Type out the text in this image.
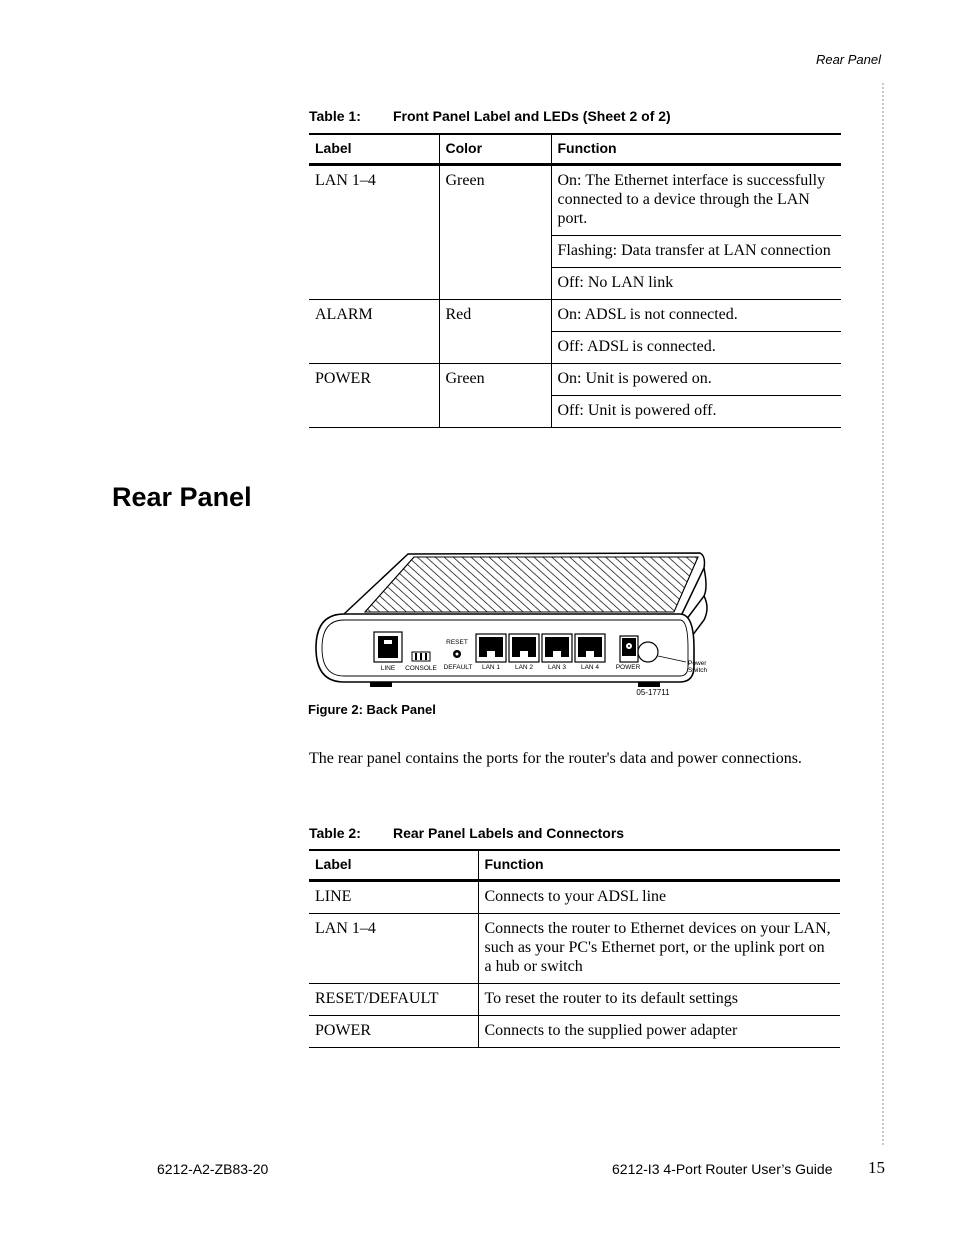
Rear Panel
Table 1: Front Panel Label and LEDs (Sheet 2 of 2)
Label	Color	Function
LAN 1–4	Green	On: The Ethernet interface is successfully connected to a device through the LAN port.
		Flashing: Data transfer at LAN connection
		Off: No LAN link
ALARM	Red	On: ADSL is not connected.
		Off: ADSL is connected.
POWER	Green	On: Unit is powered on.
		Off: Unit is powered off.
Rear Panel
LINE CONSOLE
RESET
DEFAULT LAN 1 LAN 2 LAN 3 LAN 4	POWER
Power
Switch
05-17711
Figure 2: Back Panel
The rear panel contains the ports for the router's data and power connections.
Table 2: Rear Panel Labels and Connectors
Label	Function
LINE	Connects to your ADSL line
LAN 1–4	Connects the router to Ethernet devices on your LAN, such as your PC's Ethernet port, or the uplink port on a hub or switch
RESET/DEFAULT	To reset the router to its default settings
POWER	Connects to the supplied power adapter
6212-A2-ZB83-20	6212-I3 4-Port Router User’s Guide 15
